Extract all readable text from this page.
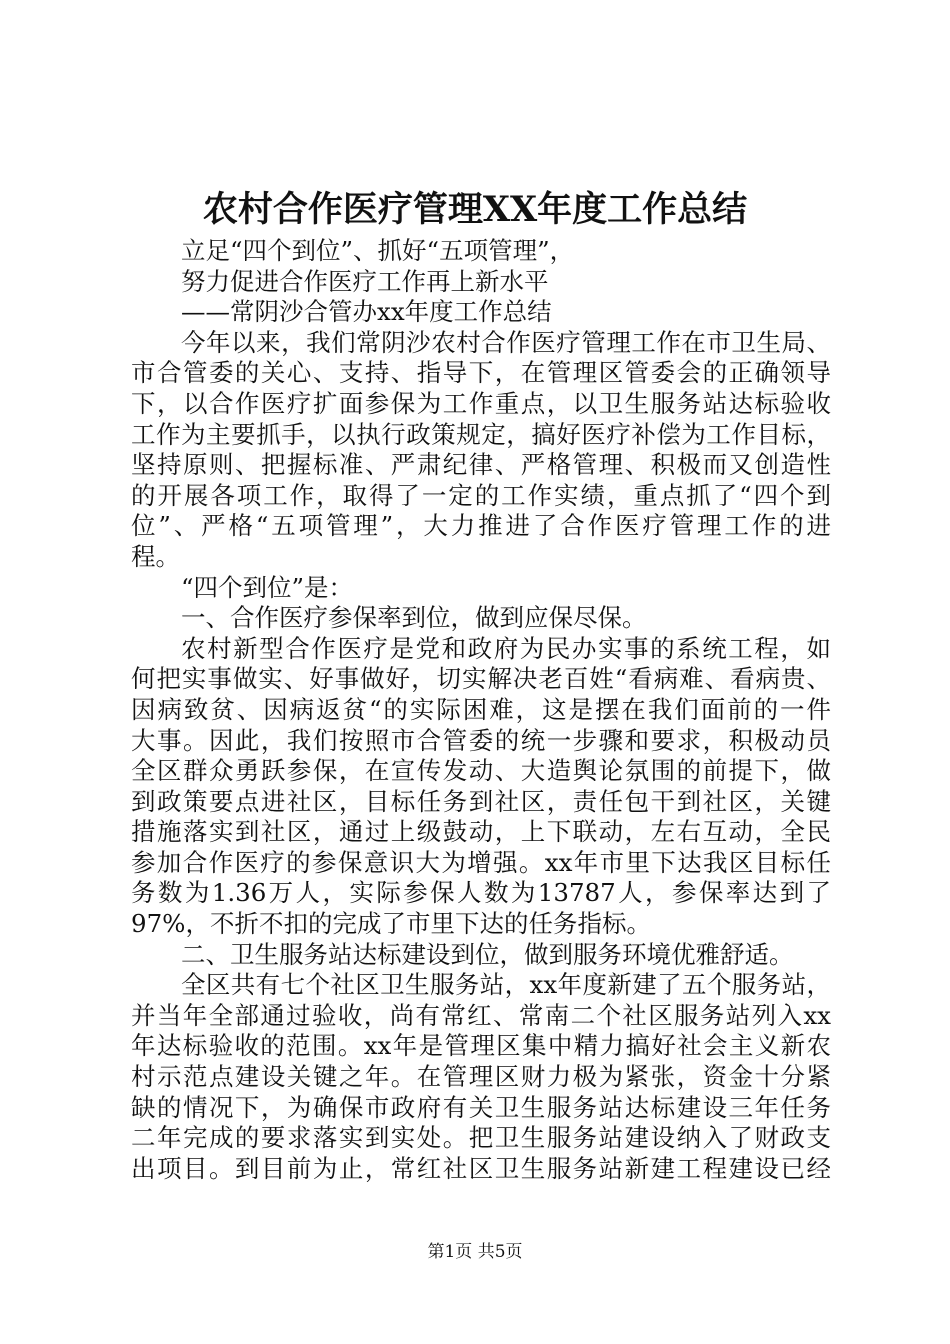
农村合作医疗管理XX年度工作总结
立足“四个到位”、抓好“五项管理”，
努力促进合作医疗工作再上新水平
——常阴沙合管办xx年度工作总结
今年以来，我们常阴沙农村合作医疗管理工作在市卫生局、
市合管委的关心、支持、指导下，在管理区管委会的正确领导
下，以合作医疗扩面参保为工作重点，以卫生服务站达标验收
工作为主要抓手，以执行政策规定，搞好医疗补偿为工作目标，
坚持原则、把握标准、严肃纪律、严格管理、积极而又创造性
的开展各项工作，取得了一定的工作实绩，重点抓了“四个到
位”、严格“五项管理”，大力推进了合作医疗管理工作的进
程。
“四个到位”是：
一、合作医疗参保率到位，做到应保尽保。
农村新型合作医疗是党和政府为民办实事的系统工程，如
何把实事做实、好事做好，切实解决老百姓“看病难、看病贵、
因病致贫、因病返贫“的实际困难，这是摆在我们面前的一件
大事。因此，我们按照市合管委的统一步骤和要求，积极动员
全区群众勇跃参保，在宣传发动、大造舆论氛围的前提下，做
到政策要点进社区，目标任务到社区，责任包干到社区，关键
措施落实到社区，通过上级鼓动，上下联动，左右互动，全民
参加合作医疗的参保意识大为增强。xx年市里下达我区目标任
务数为1.36万人，实际参保人数为13787人，参保率达到了
97%，不折不扣的完成了市里下达的任务指标。
二、卫生服务站达标建设到位，做到服务环境优雅舒适。
全区共有七个社区卫生服务站，xx年度新建了五个服务站，
并当年全部通过验收，尚有常红、常南二个社区服务站列入xx
年达标验收的范围。xx年是管理区集中精力搞好社会主义新农
村示范点建设关键之年。在管理区财力极为紧张，资金十分紧
缺的情况下，为确保市政府有关卫生服务站达标建设三年任务
二年完成的要求落实到实处。把卫生服务站建设纳入了财政支
出项目。到目前为止，常红社区卫生服务站新建工程建设已经
第1页 共5页
